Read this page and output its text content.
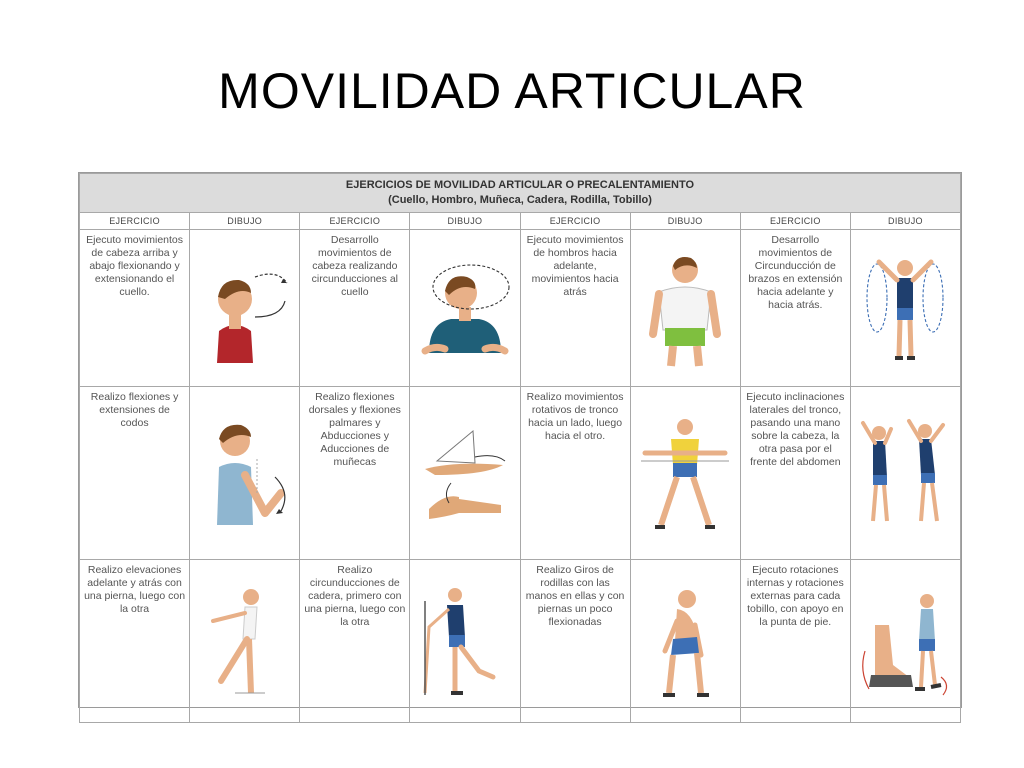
MOVILIDAD ARTICULAR
EJERCICIOS DE MOVILIDAD ARTICULAR O PRECALENTAMIENTO
(Cuello, Hombro, Muñeca, Cadera, Rodilla, Tobillo)							

EJERCICIO	DIBUJO	EJERCICIO	DIBUJO	EJERCICIO	DIBUJO	EJERCICIO	DIBUJO
Ejecuto movimientos de cabeza arriba y abajo flexionando y extensionando el cuello.		Desarrollo movimientos de cabeza realizando circunducciones al cuello		Ejecuto movimientos de hombros hacia adelante, movimientos hacia atrás		Desarrollo movimientos de Circunducción de brazos en extensión hacia adelante y hacia atrás.	

Realizo flexiones y extensiones de codos		Realizo flexiones dorsales y flexiones palmares y Abducciones y Aducciones de muñecas		Realizo movimientos rotativos de tronco hacia un lado, luego hacia el otro.		Ejecuto inclinaciones laterales del tronco, pasando una mano sobre la cabeza, la otra pasa por el frente del abdomen	

Realizo elevaciones adelante y atrás con una pierna, luego con la otra		Realizo circunducciones de cadera, primero con una pierna, luego con la otra		Realizo Giros de rodillas con las manos en ellas y con piernas un poco flexionadas		Ejecuto rotaciones internas y rotaciones externas para cada tobillo, con apoyo en la punta de pie.	
